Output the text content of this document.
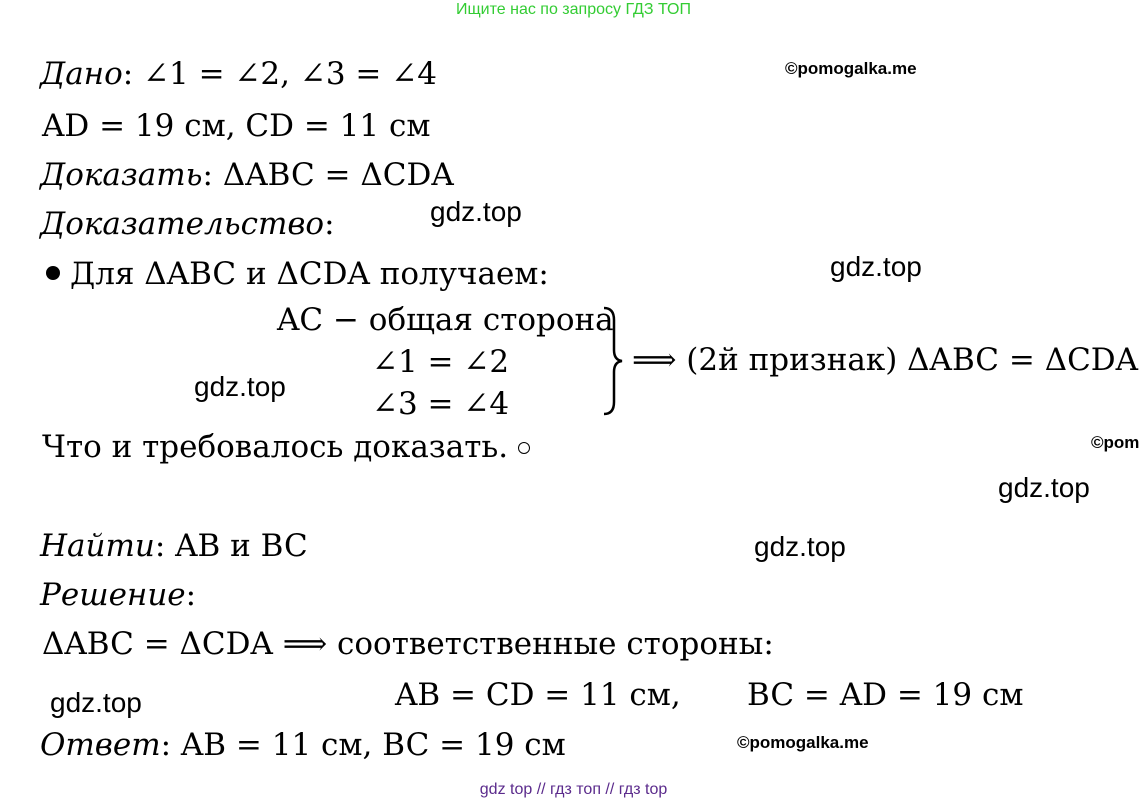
Ищите нас по запросу ГДЗ ТОП
Дано: ∠1 = ∠2, ∠3 = ∠4
AD = 19 см, CD = 11 см
Доказать: ΔABC = ΔCDA
Доказательство:
Для ΔABC и ΔCDA получаем:
AC − общая сторона
∠1 = ∠2
∠3 = ∠4
⟹ (2й признак) ΔABC = ΔCDA
Что и требовалось доказать.
Найти: AB и BC
Решение:
ΔABC = ΔCDA ⟹ соответственные стороны:
AB = CD = 11 см, BC = AD = 19 см
Ответ: AB = 11 см, BC = 19 см
©pomogalka.me
gdz.top
gdz.top
gdz.top
©pom
gdz.top
gdz.top
gdz.top
©pomogalka.me
gdz top // гдз топ // гдз top
